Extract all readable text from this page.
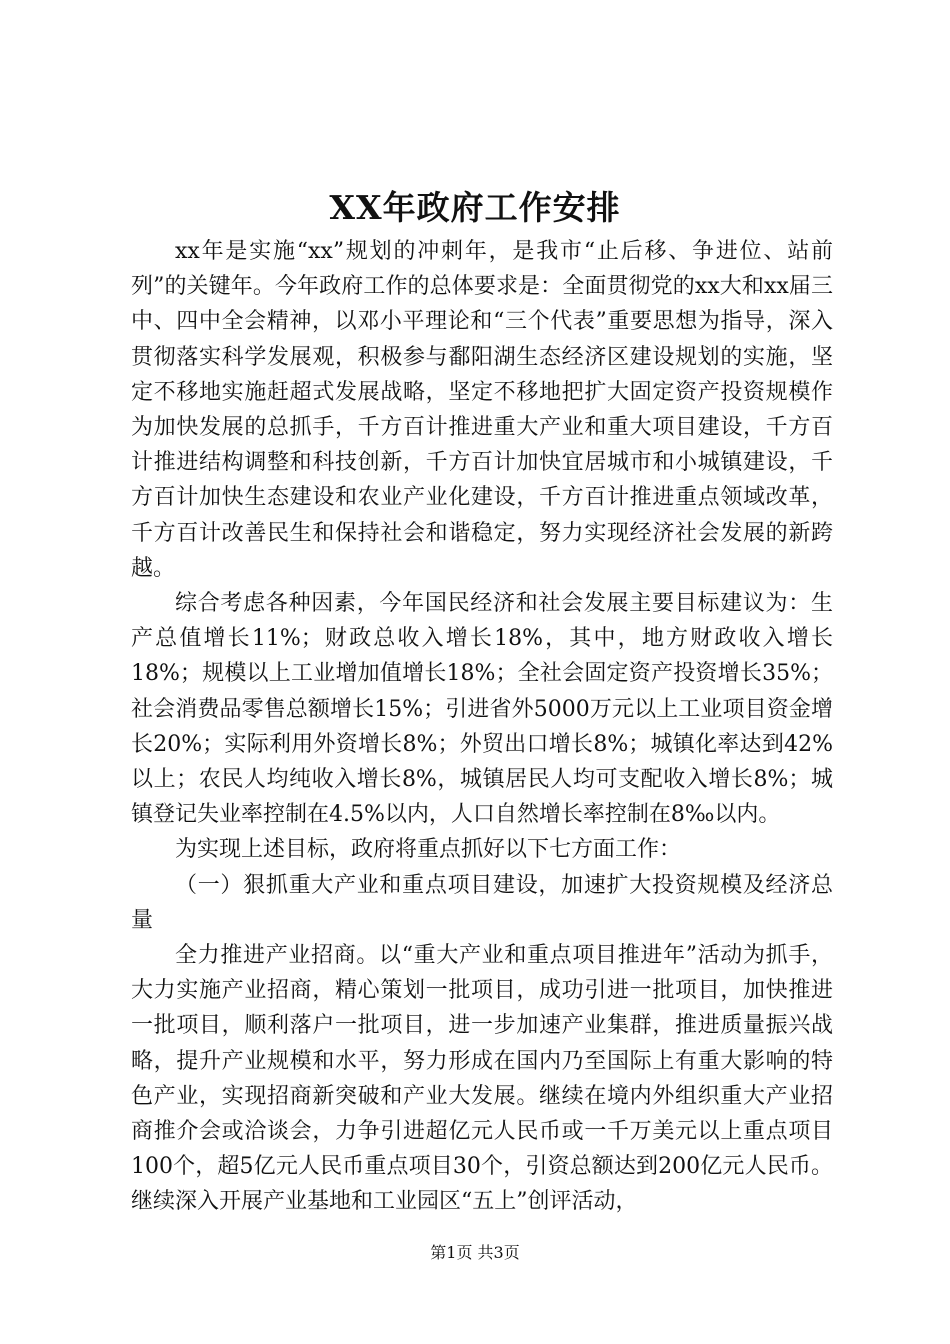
XX年政府工作安排

xx年是实施“xx”规划的冲刺年，是我市“止后移、争进位、站前列”的关键年。今年政府工作的总体要求是：全面贯彻党的xx大和xx届三中、四中全会精神，以邓小平理论和“三个代表”重要思想为指导，深入贯彻落实科学发展观，积极参与鄱阳湖生态经济区建设规划的实施，坚定不移地实施赶超式发展战略，坚定不移地把扩大固定资产投资规模作为加快发展的总抓手，千方百计推进重大产业和重大项目建设，千方百计推进结构调整和科技创新，千方百计加快宜居城市和小城镇建设，千方百计加快生态建设和农业产业化建设，千方百计推进重点领域改革，千方百计改善民生和保持社会和谐稳定，努力实现经济社会发展的新跨越。

综合考虑各种因素，今年国民经济和社会发展主要目标建议为：生产总值增长11%；财政总收入增长18%，其中，地方财政收入增长18%；规模以上工业增加值增长18%；全社会固定资产投资增长35%；社会消费品零售总额增长15%；引进省外5000万元以上工业项目资金增长20%；实际利用外资增长8%；外贸出口增长8%；城镇化率达到42%以上；农民人均纯收入增长8%，城镇居民人均可支配收入增长8%；城镇登记失业率控制在4.5%以内，人口自然增长率控制在8‰以内。

为实现上述目标，政府将重点抓好以下七方面工作：

（一）狠抓重大产业和重点项目建设，加速扩大投资规模及经济总量

全力推进产业招商。以“重大产业和重点项目推进年”活动为抓手，大力实施产业招商，精心策划一批项目，成功引进一批项目，加快推进一批项目，顺利落户一批项目，进一步加速产业集群，推进质量振兴战略，提升产业规模和水平，努力形成在国内乃至国际上有重大影响的特色产业，实现招商新突破和产业大发展。继续在境内外组织重大产业招商推介会或洽谈会，力争引进超亿元人民币或一千万美元以上重点项目100个，超5亿元人民币重点项目30个，引资总额达到200亿元人民币。继续深入开展产业基地和工业园区“五上”创评活动，

第1页 共3页
